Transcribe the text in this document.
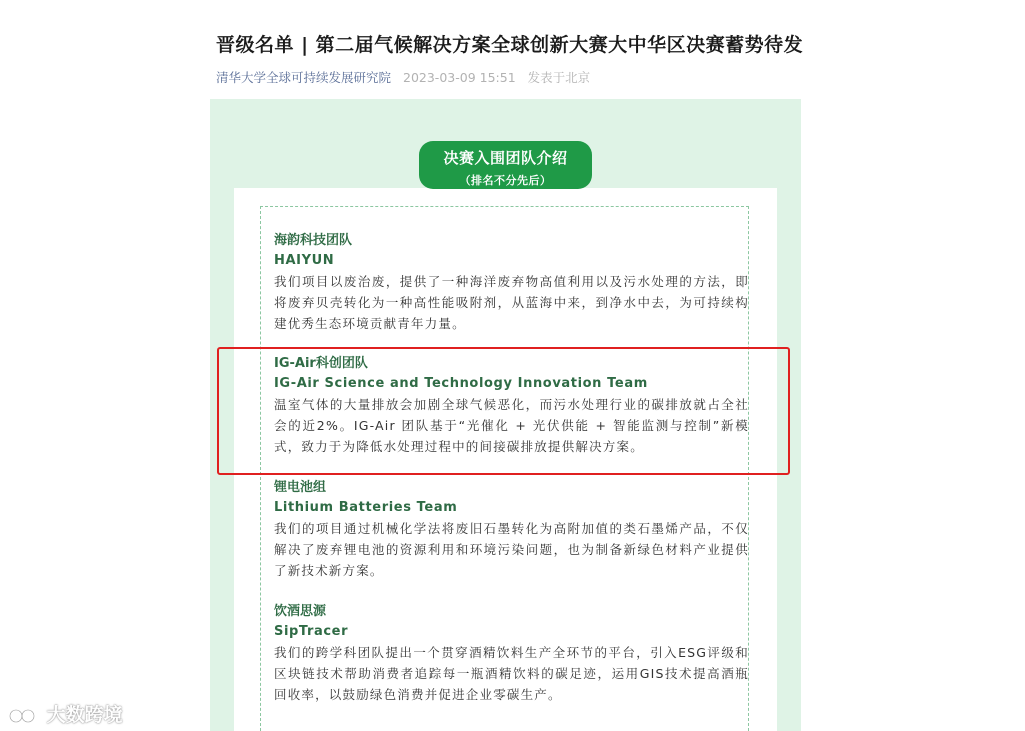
晋级名单 | 第二届气候解决方案全球创新大赛大中华区决赛蓄势待发
清华大学全球可持续发展研究院 2023-03-09 15:51 发表于北京
决赛入围团队介绍
（排名不分先后）
海韵科技团队
HAIYUN
我们项目以废治废，提供了一种海洋废弃物高值利用以及污水处理的方法，即将废弃贝壳转化为一种高性能吸附剂，从蓝海中来，到净水中去，为可持续构建优秀生态环境贡献青年力量。
IG-Air科创团队
IG-Air Science and Technology Innovation Team
温室气体的大量排放会加剧全球气候恶化，而污水处理行业的碳排放就占全社会的近2%。IG-Air 团队基于“光催化 + 光伏供能 + 智能监测与控制”新模式，致力于为降低水处理过程中的间接碳排放提供解决方案。
锂电池组
Lithium Batteries Team
我们的项目通过机械化学法将废旧石墨转化为高附加值的类石墨烯产品，不仅解决了废弃锂电池的资源利用和环境污染问题，也为制备新绿色材料产业提供了新技术新方案。
饮酒思源
SipTracer
我们的跨学科团队提出一个贯穿酒精饮料生产全环节的平台，引入ESG评级和区块链技术帮助消费者追踪每一瓶酒精饮料的碳足迹，运用GIS技术提高酒瓶回收率，以鼓励绿色消费并促进企业零碳生产。
大数跨境
